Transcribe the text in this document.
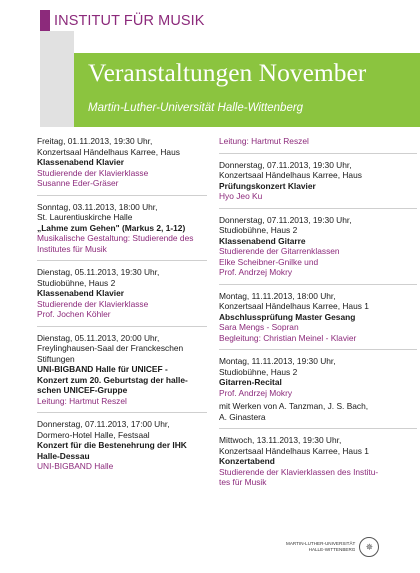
INSTITUT FÜR MUSIK
Veranstaltungen November
Martin-Luther-Universität Halle-Wittenberg
Freitag, 01.11.2013, 19:30 Uhr,
Konzertsaal Händelhaus Karree, Haus
Klassenabend Klavier
Studierende der Klavierklasse
Susanne Eder-Gräser
Sonntag, 03.11.2013, 18:00 Uhr,
St. Laurentiuskirche Halle
„Lahme zum Gehen" (Markus 2, 1-12)
Musikalische Gestaltung: Studierende des
Institutes für Musik
Dienstag, 05.11.2013, 19:30 Uhr,
Studiobühne, Haus 2
Klassenabend Klavier
Studierende der Klavierklasse
Prof. Jochen Köhler
Dienstag, 05.11.2013, 20:00 Uhr,
Freylinghausen-Saal der Franckeschen
Stiftungen
UNI-BIGBAND Halle für UNICEF -
Konzert zum 20. Geburtstag der halle-
schen UNICEF-Gruppe
Leitung: Hartmut Reszel
Donnerstag, 07.11.2013, 17:00 Uhr,
Dormero-Hotel Halle, Festsaal
Konzert für die Bestenehrung der IHK
Halle-Dessau
UNI-BIGBAND Halle
Leitung: Hartmut Reszel
Donnerstag, 07.11.2013, 19:30 Uhr,
Konzertsaal Händelhaus Karree, Haus
Prüfungskonzert Klavier
Hyo Jeo Ku
Donnerstag, 07.11.2013, 19:30 Uhr,
Studiobühne, Haus 2
Klassenabend Gitarre
Studierende der Gitarrenklassen
Elke Scheibner-Gnilke und
Prof. Andrzej Mokry
Montag, 11.11.2013, 18:00 Uhr,
Konzertsaal Händelhaus Karree, Haus 1
Abschlussprüfung Master Gesang
Sara Mengs - Sopran
Begleitung: Christian Meinel - Klavier
Montag, 11.11.2013, 19:30 Uhr,
Studiobühne, Haus 2
Gitarren-Recital
Prof. Andrzej Mokry
mit Werken von A. Tanzman, J. S. Bach,
A. Ginastera
Mittwoch, 13.11.2013, 19:30 Uhr,
Konzertsaal Händelhaus Karree, Haus 1
Konzertabend
Studierende der Klavierklassen des Institu-
tes für Musik
MARTIN-LUTHER-UNIVERSITÄT
HALLE-WITTENBERG	✵
